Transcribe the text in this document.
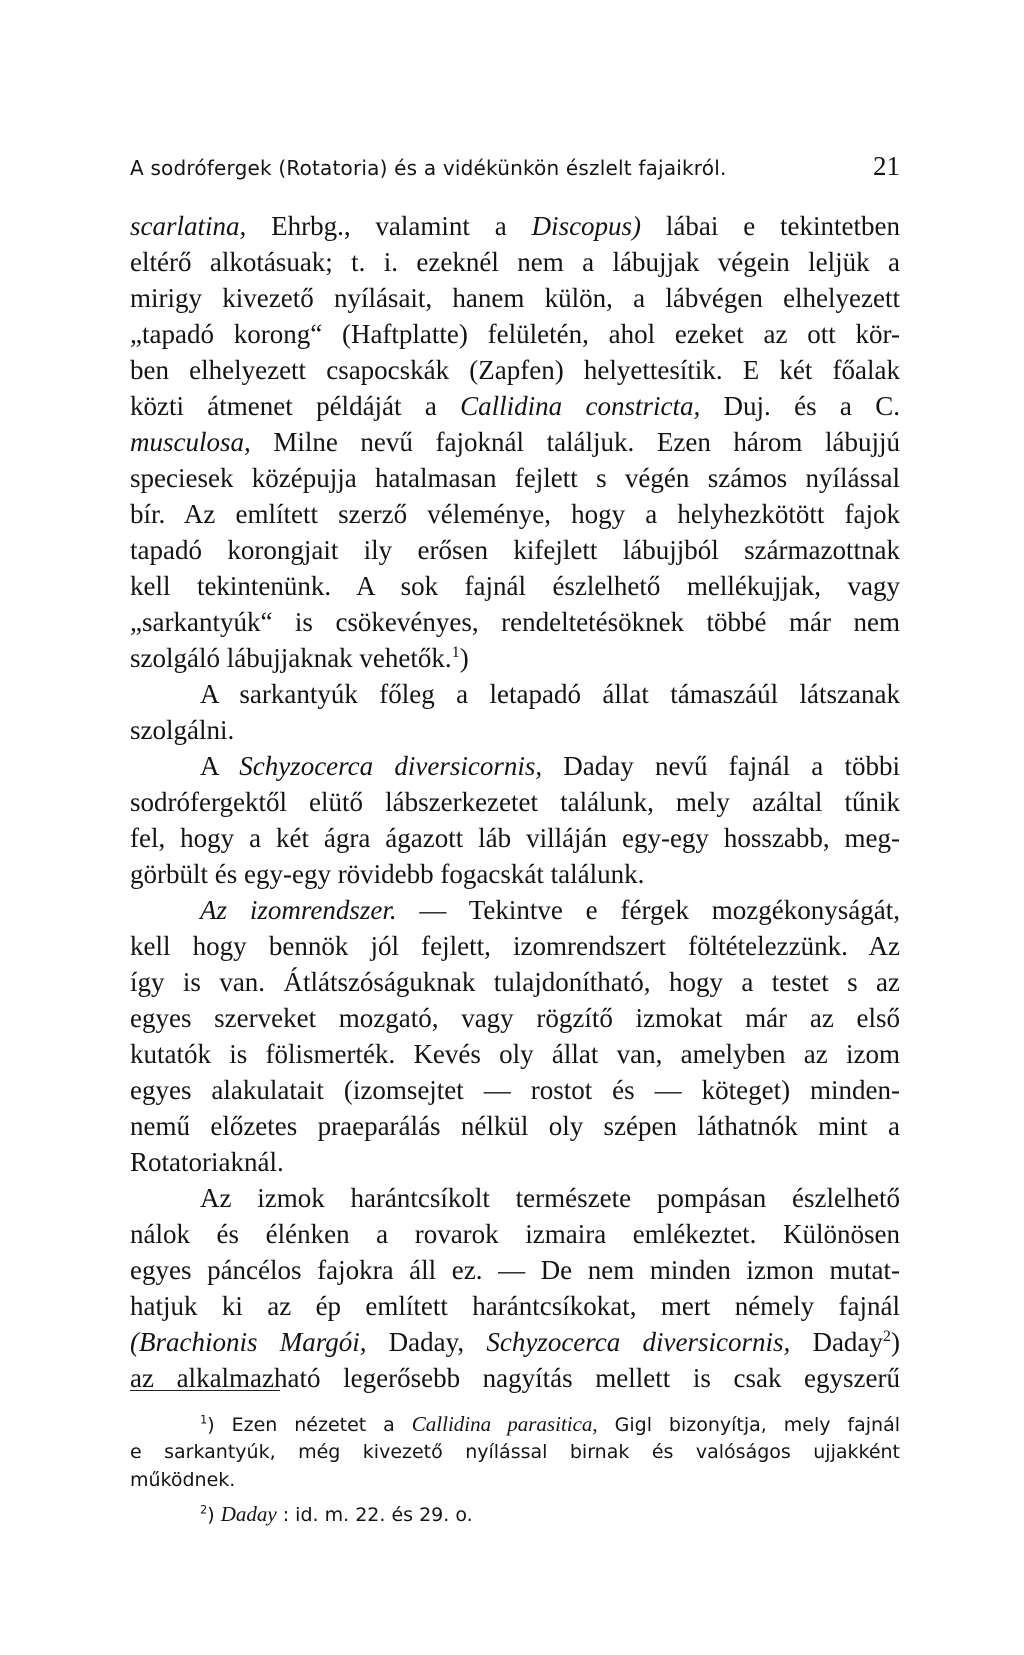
A sodrófergek (Rotatoria) és a vidékünkön észlelt fajaikról.	21
scarlatina, Ehrbg., valamint a Discopus) lábai e tekintetben
eltérő alkotásuak; t. i. ezeknél nem a lábujjak végein leljük a
mirigy kivezető nyílásait, hanem külön, a lábvégen elhelyezett
„tapadó korong“ (Haftplatte) felületén, ahol ezeket az ott kör-
ben elhelyezett csapocskák (Zapfen) helyettesítik. E két főalak
közti átmenet példáját a Callidina constricta, Duj. és a C.
musculosa, Milne nevű fajoknál találjuk. Ezen három lábujjú
speciesek középujja hatalmasan fejlett s végén számos nyílással
bír. Az említett szerző véleménye, hogy a helyhezkötött fajok
tapadó korongjait ily erősen kifejlett lábujjból származottnak
kell tekintenünk. A sok fajnál észlelhető mellékujjak, vagy
„sarkantyúk“ is csökevényes, rendeltetésöknek többé már nem
szolgáló lábujjaknak vehetők.$^1$)
A sarkantyúk főleg a letapadó állat támaszáúl látszanak
szolgálni.
A Schyzocerca diversicornis, Daday nevű fajnál a többi
sodrófergektől elütő lábszerkezetet találunk, mely azáltal tűnik
fel, hogy a két ágra ágazott láb villáján egy-egy hosszabb, meg-
görbült és egy-egy rövidebb fogacskát találunk.
Az izomrendszer. — Tekintve e férgek mozgékonyságát,
kell hogy bennök jól fejlett, izomrendszert föltételezzünk. Az
így is van. Átlátszóságuknak tulajdonítható, hogy a testet s az
egyes szerveket mozgató, vagy rögzítő izmokat már az első
kutatók is fölismerték. Kevés oly állat van, amelyben az izom
egyes alakulatait (izomsejtet — rostot és — köteget) minden-
nemű előzetes praeparálás nélkül oly szépen láthatnók mint a
Rotatoriaknál.
Az izmok harántcsíkolt természete pompásan észlelhető
nálok és élénken a rovarok izmaira emlékeztet. Különösen
egyes páncélos fajokra áll ez. — De nem minden izmon mutat-
hatjuk ki az ép említett harántcsíkokat, mert némely fajnál
(Brachionis Margói, Daday, Schyzocerca diversicornis, Daday$^2$)
az alkalmazható legerősebb nagyítás mellett is csak egyszerű
$^1$) Ezen nézetet a Callidina parasitica, Gigl bizonyítja, mely fajnál
e sarkantyúk, még kivezető nyílással birnak és valóságos ujjakként
működnek.
$^2$) Daday : id. m. 22. és 29. o.
